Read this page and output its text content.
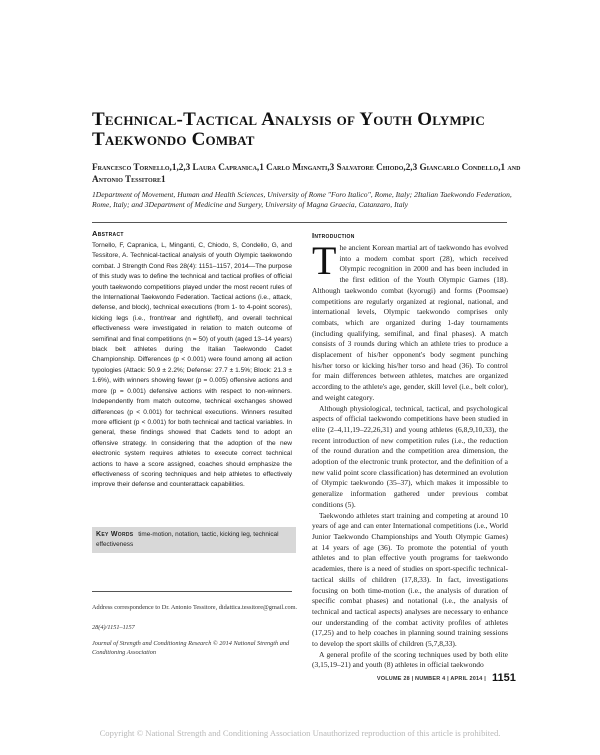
Technical-Tactical Analysis of Youth Olympic Taekwondo Combat
Francesco Tornello,1,2,3 Laura Capranica,1 Carlo Minganti,3 Salvatore Chiodo,2,3 Giancarlo Condello,1 and Antonio Tessitore1
1Department of Movement, Human and Health Sciences, University of Rome "Foro Italico", Rome, Italy; 2Italian Taekwondo Federation, Rome, Italy; and 3Department of Medicine and Surgery, University of Magna Graecia, Catanzaro, Italy
Abstract
Tornello, F, Capranica, L, Minganti, C, Chiodo, S, Condello, G, and Tessitore, A. Technical-tactical analysis of youth Olympic taekwondo combat. J Strength Cond Res 28(4): 1151–1157, 2014—The purpose of this study was to define the technical and tactical profiles of official youth taekwondo competitions played under the most recent rules of the International Taekwondo Federation. Tactical actions (i.e., attack, defense, and block), technical executions (from 1- to 4-point scores), kicking legs (i.e., front/rear and right/left), and overall technical effectiveness were investigated in relation to match outcome of semifinal and final competitions (n = 50) of youth (aged 13–14 years) black belt athletes during the Italian Taekwondo Cadet Championship. Differences (p < 0.001) were found among all action typologies (Attack: 50.9 ± 2.2%; Defense: 27.7 ± 1.5%; Block: 21.3 ± 1.6%), with winners showing fewer (p = 0.005) offensive actions and more (p = 0.001) defensive actions with respect to non-winners. Independently from match outcome, technical exchanges showed differences (p < 0.001) for technical executions. Winners resulted more efficient (p < 0.001) for both technical and tactical variables. In general, these findings showed that Cadets tend to adopt an offensive strategy. In considering that the adoption of the new electronic system requires athletes to execute correct technical actions to have a score assigned, coaches should emphasize the effectiveness of scoring techniques and help athletes to effectively improve their defense and counterattack capabilities.
Key Words time-motion, notation, tactic, kicking leg, technical effectiveness
Address correspondence to Dr. Antonio Tessitore, didattica.tessitore@gmail.com.
28(4)/1151–1157
Journal of Strength and Conditioning Research © 2014 National Strength and Conditioning Association
Introduction

The ancient Korean martial art of taekwondo has evolved into a modern combat sport (28), which received Olympic recognition in 2000 and has been included in the first edition of the Youth Olympic Games (18). Although taekwondo combat (kyorugi) and forms (Poomsae) competitions are regularly organized at regional, national, and international levels, Olympic taekwondo comprises only combats, which are organized during 1-day tournaments (including qualifying, semifinal, and final phases). A match consists of 3 rounds during which an athlete tries to produce a displacement of his/her opponent's body segment punching his/her torso or kicking his/her torso and head (36). To control for main differences between athletes, matches are organized according to the athlete's age, gender, skill level (i.e., belt color), and weight category.

Although physiological, technical, tactical, and psychological aspects of official taekwondo competitions have been studied in elite (2–4,11,19–22,26,31) and young athletes (6,8,9,10,33), the recent introduction of new competition rules (i.e., the reduction of the round duration and the competition area dimension, the adoption of the electronic trunk protector, and the definition of a new valid point score classification) has determined an evolution of Olympic taekwondo (35–37), which makes it impossible to generalize information gathered under previous combat conditions (5).

Taekwondo athletes start training and competing at around 10 years of age and can enter International competitions (i.e., World Junior Taekwondo Championships and Youth Olympic Games) at 14 years of age (36). To promote the potential of youth athletes and to plan effective youth programs for taekwondo academies, there is a need of studies on sport-specific technical-tactical skills of children (17,8,33). In fact, investigations focusing on both time-motion (i.e., the analysis of duration of specific combat phases) and notational (i.e., the analysis of technical and tactical aspects) analyses are necessary to enhance our understanding of the combat activity profiles of athletes (17,25) and to help coaches in planning sound training sessions to develop the sport skills of children (5,7,8,33).

A general profile of the scoring techniques used by both elite (3,15,19–21) and youth (8) athletes in official taekwondo

VOLUME 28 | NUMBER 4 | APRIL 2014 | 1151
Copyright © National Strength and Conditioning Association Unauthorized reproduction of this article is prohibited.
